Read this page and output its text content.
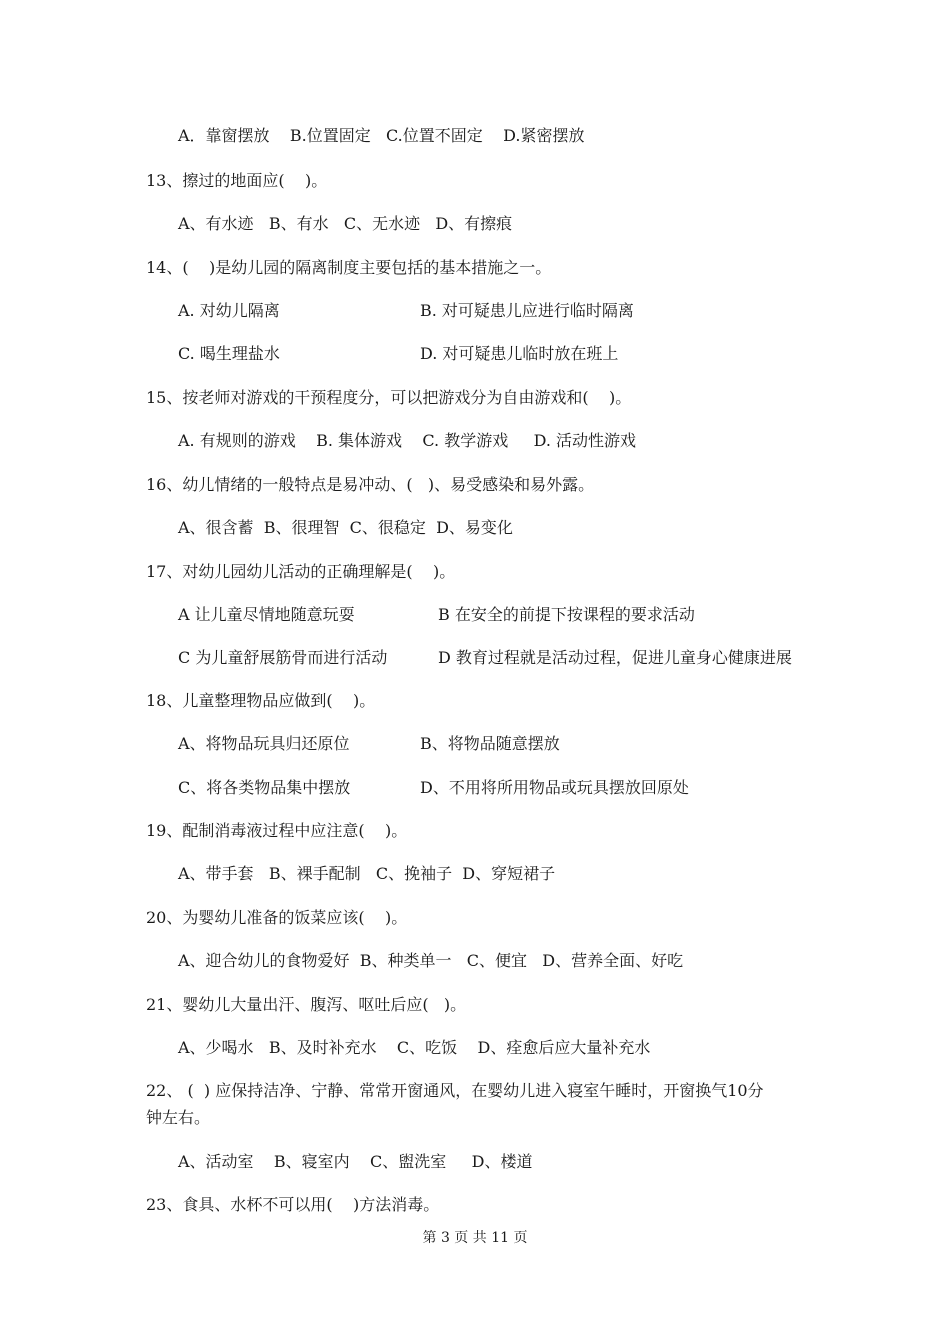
A．靠窗摆放    B.位置固定   C.位置不固定    D.紧密摆放
13、擦过的地面应(    )。
A、有水迹   B、有水   C、无水迹   D、有擦痕
14、(    )是幼儿园的隔离制度主要包括的基本措施之一。
A. 对幼儿隔离	B. 对可疑患儿应进行临时隔离
C. 喝生理盐水	D. 对可疑患儿临时放在班上
15、按老师对游戏的干预程度分，可以把游戏分为自由游戏和(    )。
A. 有规则的游戏    B. 集体游戏    C. 教学游戏     D. 活动性游戏
16、幼儿情绪的一般特点是易冲动、(   )、易受感染和易外露。
A、很含蓄  B、很理智  C、很稳定  D、易变化
17、对幼儿园幼儿活动的正确理解是(    )。
A 让儿童尽情地随意玩耍	B 在安全的前提下按课程的要求活动
C 为儿童舒展筋骨而进行活动	D 教育过程就是活动过程，促进儿童身心健康进展
18、儿童整理物品应做到(    )。
A、将物品玩具归还原位	B、将物品随意摆放
C、将各类物品集中摆放	D、不用将所用物品或玩具摆放回原处
19、配制消毒液过程中应注意(    )。
A、带手套   B、裸手配制   C、挽袖子  D、穿短裙子
20、为婴幼儿准备的饭菜应该(    )。
A、迎合幼儿的食物爱好  B、种类单一   C、便宜   D、营养全面、好吃
21、婴幼儿大量出汗、腹泻、呕吐后应(   )。
A、少喝水   B、及时补充水    C、吃饭    D、痊愈后应大量补充水
22、 (  ) 应保持洁净、宁静、常常开窗通风，在婴幼儿进入寝室午睡时，开窗换气10分
钟左右。
A、活动室    B、寝室内    C、盥洗室     D、楼道
23、食具、水杯不可以用(    )方法消毒。
第 3 页 共 11 页
